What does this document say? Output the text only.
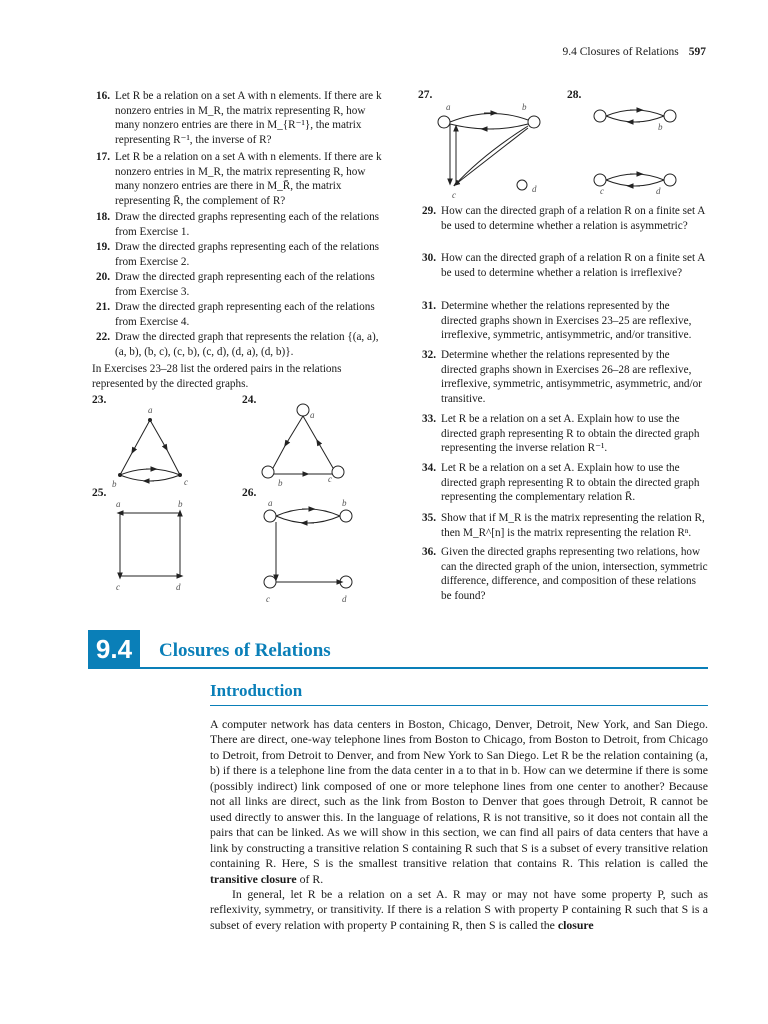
9.4 Closures of Relations 597
16. Let R be a relation on a set A with n elements. If there are k nonzero entries in M_R, the matrix representing R, how many nonzero entries are there in M_{R⁻¹}, the matrix representing R⁻¹, the inverse of R?
17. Let R be a relation on a set A with n elements. If there are k nonzero entries in M_R, the matrix representing R, how many nonzero entries are there in M_R̄, the matrix representing R̄, the complement of R?
18. Draw the directed graphs representing each of the relations from Exercise 1.
19. Draw the directed graphs representing each of the relations from Exercise 2.
20. Draw the directed graph representing each of the relations from Exercise 3.
21. Draw the directed graph representing each of the relations from Exercise 4.
22. Draw the directed graph that represents the relation {(a, a), (a, b), (b, c), (c, b), (c, d), (d, a), (d, b)}.
In Exercises 23–28 list the ordered pairs in the relations represented by the directed graphs.
23.	24.
25.	26.
27.	28.
a
b	c
a
b	c
a	b
c	d
a	b
c	d
a	b
c
d
b
c	d
29. How can the directed graph of a relation R on a finite set A be used to determine whether a relation is asymmetric?
30. How can the directed graph of a relation R on a finite set A be used to determine whether a relation is irreflexive?
31. Determine whether the relations represented by the directed graphs shown in Exercises 23–25 are reflexive, irreflexive, symmetric, antisymmetric, and/or transitive.
32. Determine whether the relations represented by the directed graphs shown in Exercises 26–28 are reflexive, irreflexive, symmetric, antisymmetric, asymmetric, and/or transitive.
33. Let R be a relation on a set A. Explain how to use the directed graph representing R to obtain the directed graph representing the inverse relation R⁻¹.
34. Let R be a relation on a set A. Explain how to use the directed graph representing R to obtain the directed graph representing the complementary relation R̄.
35. Show that if M_R is the matrix representing the relation R, then M_R^[n] is the matrix representing the relation Rⁿ.
36. Given the directed graphs representing two relations, how can the directed graph of the union, intersection, symmetric difference, difference, and composition of these relations be found?
9.4	Closures of Relations
Introduction

A computer network has data centers in Boston, Chicago, Denver, Detroit, New York, and San Diego. There are direct, one-way telephone lines from Boston to Chicago, from Boston to Detroit, from Chicago to Detroit, from Detroit to Denver, and from New York to San Diego. Let R be the relation containing (a, b) if there is a telephone line from the data center in a to that in b. How can we determine if there is some (possibly indirect) link composed of one or more telephone lines from one center to another? Because not all links are direct, such as the link from Boston to Denver that goes through Detroit, R cannot be used directly to answer this. In the language of relations, R is not transitive, so it does not contain all the pairs that can be linked. As we will show in this section, we can find all pairs of data centers that have a link by constructing a transitive relation S containing R such that S is a subset of every transitive relation containing R. Here, S is the smallest transitive relation that contains R. This relation is called the transitive closure of R.

In general, let R be a relation on a set A. R may or may not have some property P, such as reflexivity, symmetry, or transitivity. If there is a relation S with property P containing R such that S is a subset of every relation with property P containing R, then S is called the closure
